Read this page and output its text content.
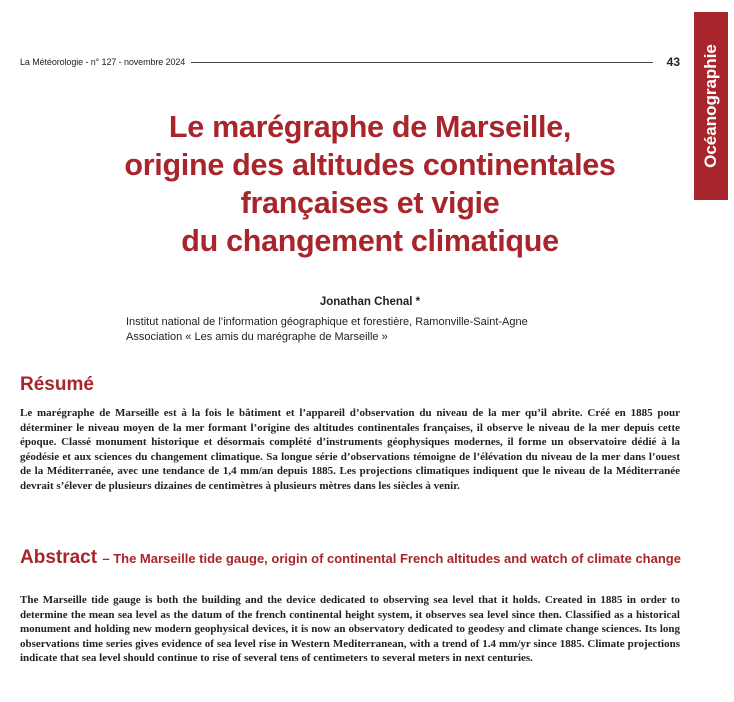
La Météorologie - n° 127 - novembre 2024	43 Océanographie
Le marégraphe de Marseille,
origine des altitudes continentales
françaises et vigie
du changement climatique
Jonathan Chenal *
Institut national de l’information géographique et forestière, Ramonville-Saint-Agne
Association « Les amis du marégraphe de Marseille »
Résumé

Le marégraphe de Marseille est à la fois le bâtiment et l’appareil d’observation du niveau de la mer qu’il abrite. Créé en 1885 pour déterminer le niveau moyen de la mer formant l’origine des altitudes continentales françaises, il observe le niveau de la mer depuis cette époque. Classé monument historique et désormais complété d’instruments géophysiques modernes, il forme un observatoire dédié à la géodésie et aux sciences du changement climatique. Sa longue série d’observations témoigne de l’élévation du niveau de la mer dans l’ouest de la Méditerranée, avec une tendance de 1,4 mm/an depuis 1885. Les projections climatiques indiquent que le niveau de la Méditerranée devrait s’élever de plusieurs dizaines de centimètres à plusieurs mètres dans les siècles à venir.

Abstract – The Marseille tide gauge, origin of continental French altitudes and watch of climate change

The Marseille tide gauge is both the building and the device dedicated to observing sea level that it holds. Created in 1885 in order to determine the mean sea level as the datum of the french continental height system, it observes sea level since then. Classified as a historical monument and holding new modern geophysical devices, it is now an observatory dedicated to geodesy and climate change sciences. Its long observations time series gives evidence of sea level rise in Western Mediterranean, with a trend of 1.4 mm/yr since 1885. Climate projections indicate that sea level should continue to rise of several tens of centimeters to several meters in next centuries.
